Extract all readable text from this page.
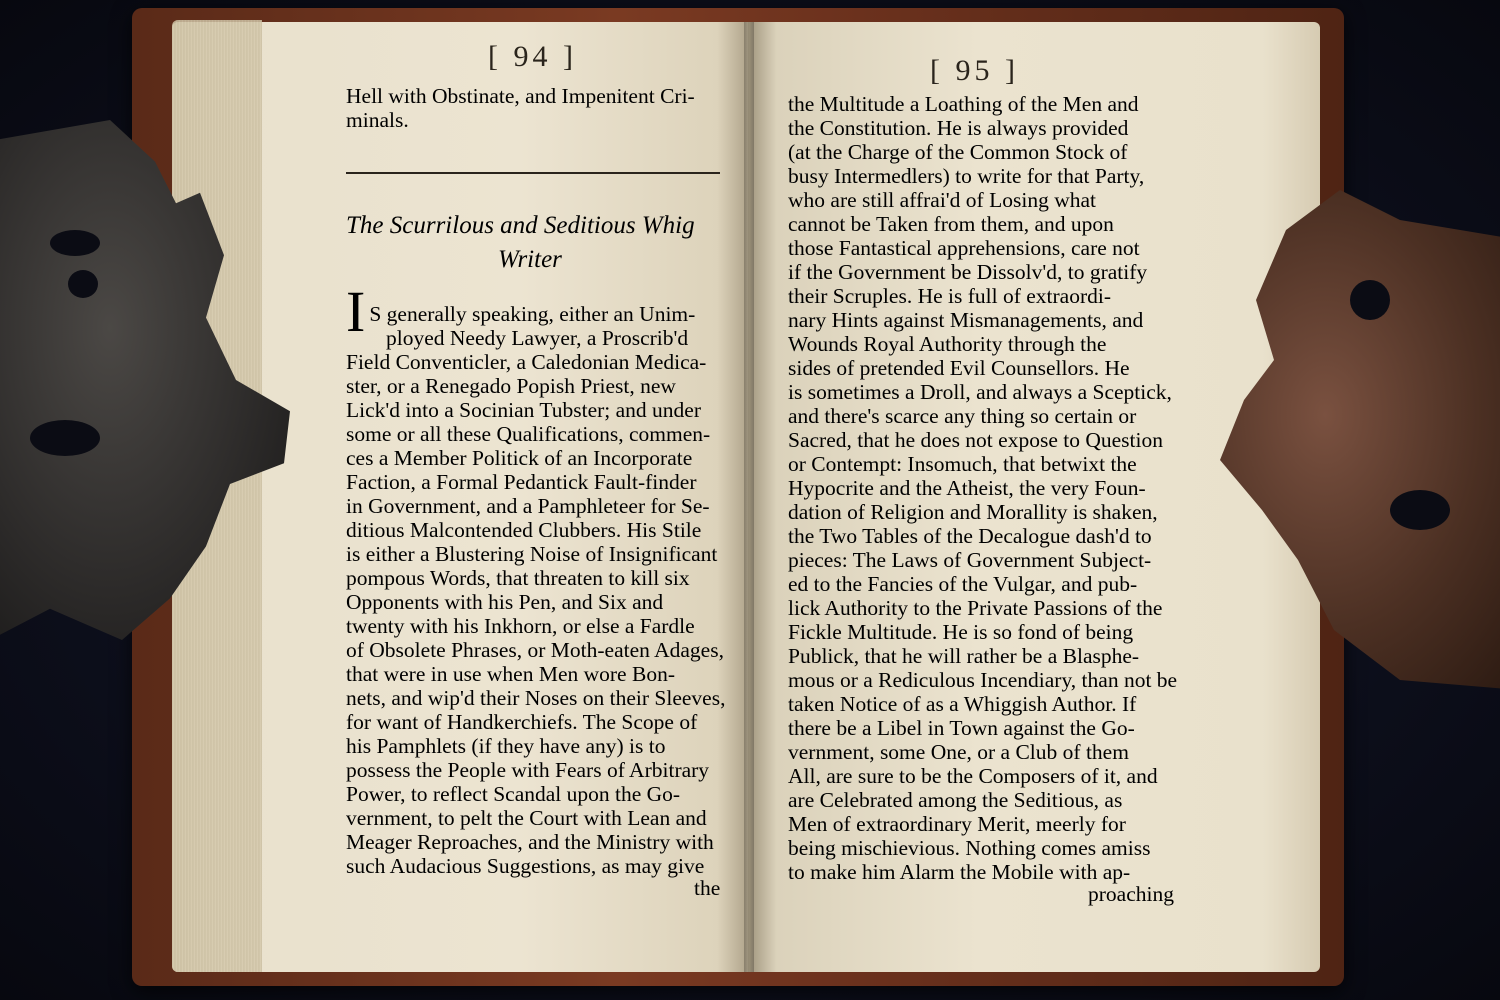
[ 94 ]
Hell with Obstinate, and Impenitent Cri-
minals.
The Scurrilous and Seditious Whig
Writer
I S generally speaking, either an Unim-
ployed Needy Lawyer, a Proscrib'd
Field Conventicler, a Caledonian Medica-
ster, or a Renegado Popish Priest, new
Lick'd into a Socinian Tubster; and under
some or all these Qualifications, commen-
ces a Member Politick of an Incorporate
Faction, a Formal Pedantick Fault-finder
in Government, and a Pamphleteer for Se-
ditious Malcontended Clubbers. His Stile
is either a Blustering Noise of Insignificant
pompous Words, that threaten to kill six
Opponents with his Pen, and Six and
twenty with his Inkhorn, or else a Fardle
of Obsolete Phrases, or Moth-eaten Adages,
that were in use when Men wore Bon-
nets, and wip'd their Noses on their Sleeves,
for want of Handkerchiefs. The Scope of
his Pamphlets (if they have any) is to
possess the People with Fears of Arbitrary
Power, to reflect Scandal upon the Go-
vernment, to pelt the Court with Lean and
Meager Reproaches, and the Ministry with
such Audacious Suggestions, as may give
the
[ 95 ]
the Multitude a Loathing of the Men and
the Constitution. He is always provided
(at the Charge of the Common Stock of
busy Intermedlers) to write for that Party,
who are still affrai'd of Losing what
cannot be Taken from them, and upon
those Fantastical apprehensions, care not
if the Government be Dissolv'd, to gratify
their Scruples. He is full of extraordi-
nary Hints against Mismanagements, and
Wounds Royal Authority through the
sides of pretended Evil Counsellors. He
is sometimes a Droll, and always a Sceptick,
and there's scarce any thing so certain or
Sacred, that he does not expose to Question
or Contempt: Insomuch, that betwixt the
Hypocrite and the Atheist, the very Foun-
dation of Religion and Morallity is shaken,
the Two Tables of the Decalogue dash'd to
pieces: The Laws of Government Subject-
ed to the Fancies of the Vulgar, and pub-
lick Authority to the Private Passions of the
Fickle Multitude. He is so fond of being
Publick, that he will rather be a Blasphe-
mous or a Rediculous Incendiary, than not be
taken Notice of as a Whiggish Author. If
there be a Libel in Town against the Go-
vernment, some One, or a Club of them
All, are sure to be the Composers of it, and
are Celebrated among the Seditious, as
Men of extraordinary Merit, meerly for
being mischievious. Nothing comes amiss
to make him Alarm the Mobile with ap-
proaching
